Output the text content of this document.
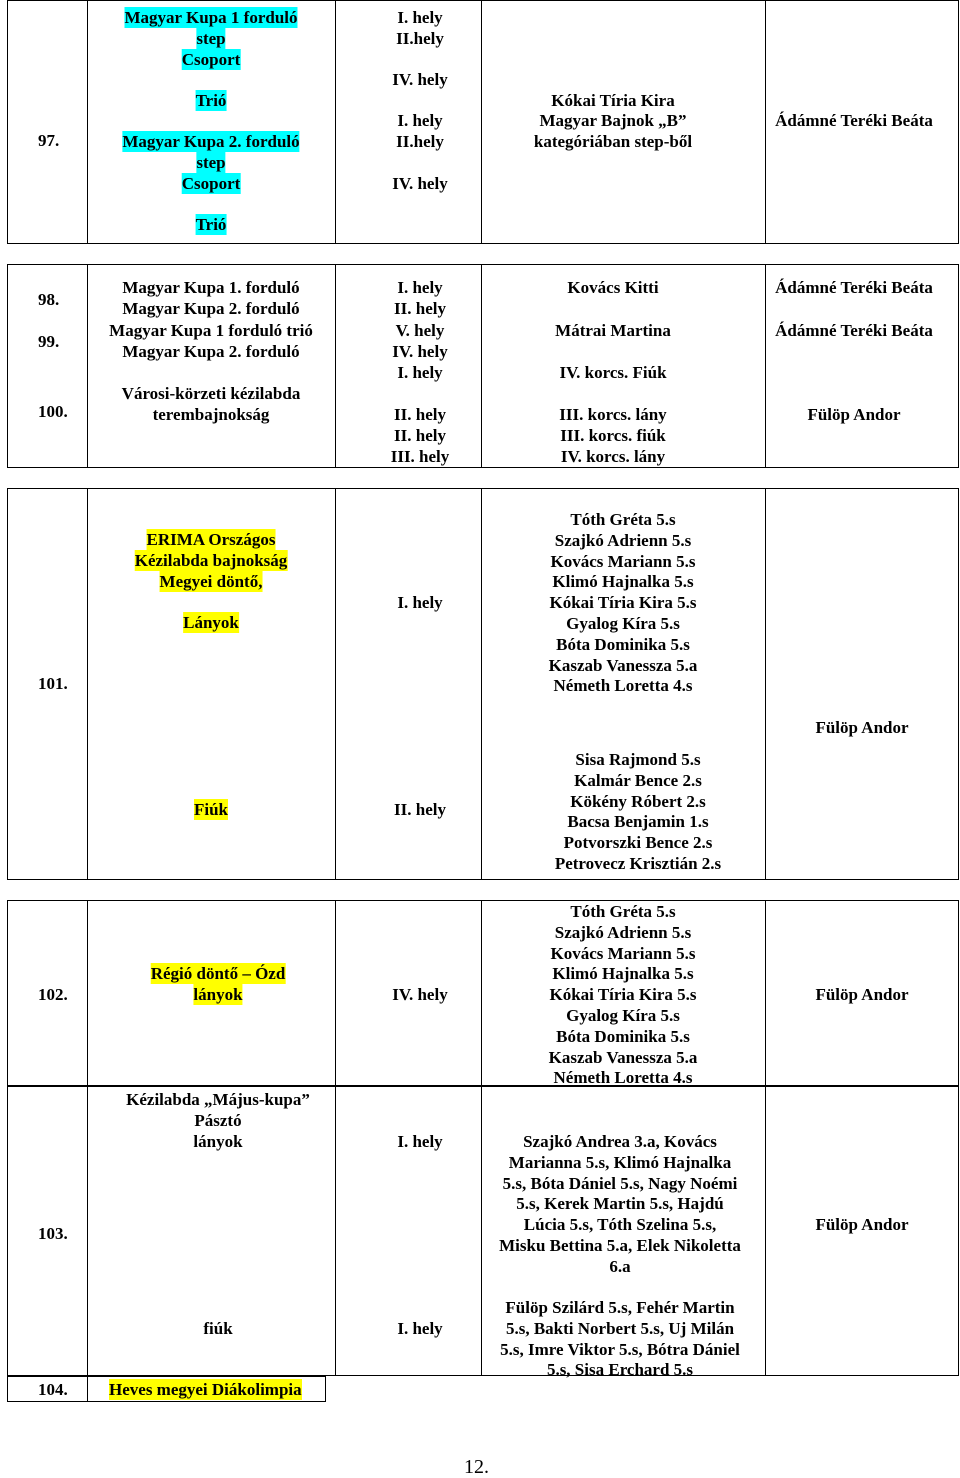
97.
Magyar Kupa 1 forduló
step
Csoport
Trió
Magyar Kupa 2. forduló
step
Csoport
Trió
I. hely
II.hely
IV. hely
I. hely
II.hely
IV. hely
Kókai Tíria Kira
Magyar Bajnok „B”
kategóriában step-ből
Ádámné Teréki Beáta
98.
99.
100.
Magyar Kupa 1. forduló
Magyar Kupa 2. forduló
Magyar Kupa 1 forduló trió
Magyar Kupa 2. forduló
Városi-körzeti kézilabda
terembajnokság
I. hely
II. hely
V. hely
IV. hely
I. hely
II. hely
II. hely
III. hely
Kovács Kitti
Mátrai Martina
IV. korcs. Fiúk
III. korcs. lány
III. korcs. fiúk
IV. korcs. lány
Ádámné Teréki Beáta
Ádámné Teréki Beáta
Fülöp Andor
101.
ERIMA Országos
Kézilabda bajnokság
Megyei döntő,
Lányok
Fiúk
I. hely
II. hely
Tóth Gréta 5.s
Szajkó Adrienn 5.s
Kovács Mariann 5.s
Klimó Hajnalka 5.s
Kókai Tíria Kira 5.s
Gyalog Kíra 5.s
Bóta Dominika 5.s
Kaszab Vanessza 5.a
Németh Loretta 4.s
Sisa Rajmond 5.s
Kalmár Bence 2.s
Kökény Róbert 2.s
Bacsa Benjamin 1.s
Potvorszki Bence 2.s
Petrovecz Krisztián 2.s
Fülöp Andor
102.
Régió döntő – Ózd
lányok	IV. hely
Tóth Gréta 5.s
Szajkó Adrienn 5.s
Kovács Mariann 5.s
Klimó Hajnalka 5.s
Kókai Tíria Kira 5.s
Gyalog Kíra 5.s
Bóta Dominika 5.s
Kaszab Vanessza 5.a
Németh Loretta 4.s
Fülöp Andor
103.
Kézilabda „Május-kupa”
Pásztó
lányok
fiúk
I. hely
I. hely
Szajkó Andrea 3.a, Kovács
Marianna 5.s, Klimó Hajnalka
5.s, Bóta Dániel 5.s, Nagy Noémi
5.s, Kerek Martin 5.s, Hajdú
Lúcia 5.s, Tóth Szelina 5.s,
Misku Bettina 5.a, Elek Nikoletta
6.a
Fülöp Szilárd 5.s, Fehér Martin
5.s, Bakti Norbert 5.s, Uj Milán
5.s, Imre Viktor 5.s, Bótra Dániel
5.s, Sisa Erchard 5.s
Fülöp Andor
104. Heves megyei Diákolimpia
12.
